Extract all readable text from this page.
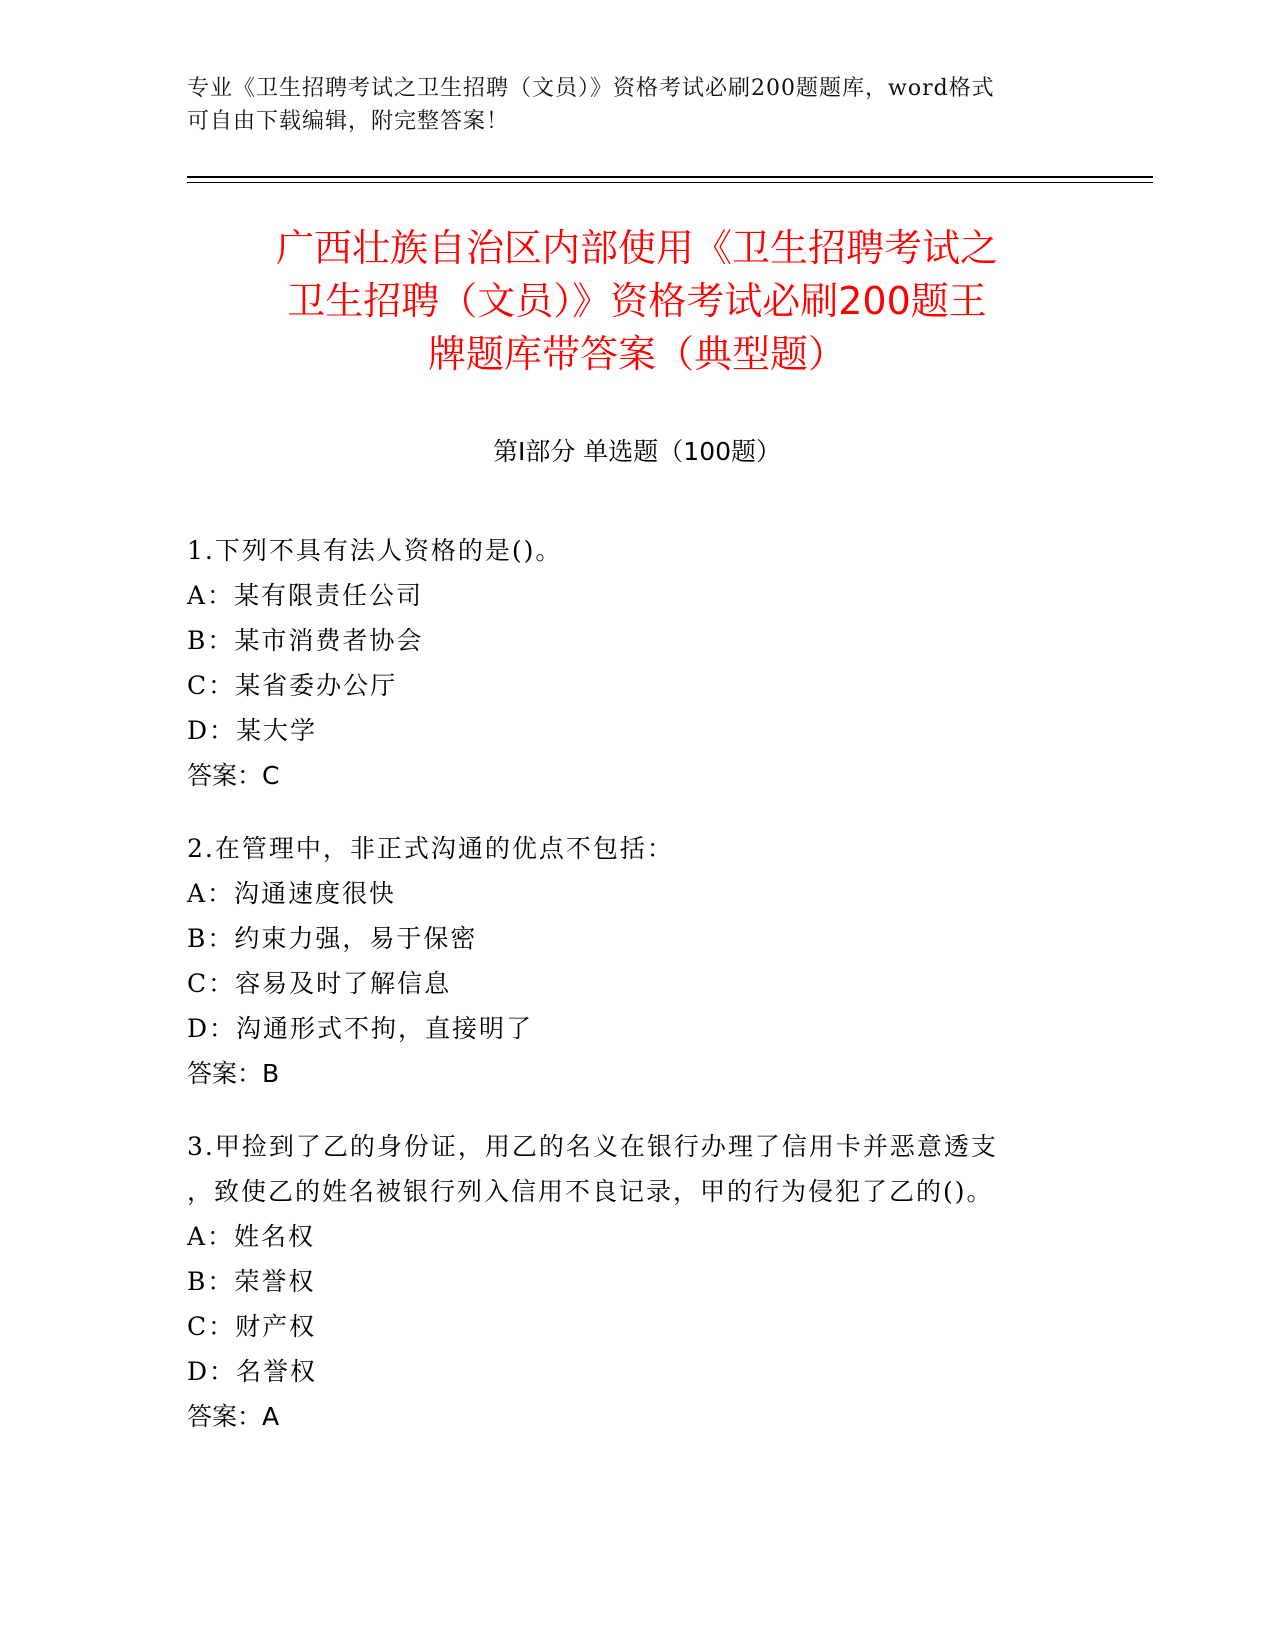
专业《卫生招聘考试之卫生招聘（文员）》资格考试必刷200题题库，word格式
可自由下载编辑，附完整答案！
广西壮族自治区内部使用《卫生招聘考试之
卫生招聘（文员）》资格考试必刷200题王
牌题库带答案（典型题）
第I部分 单选题（100题）
1.下列不具有法人资格的是()。
A：某有限责任公司
B：某市消费者协会
C：某省委办公厅
D：某大学
答案：C
2.在管理中，非正式沟通的优点不包括：
A：沟通速度很快
B：约束力强，易于保密
C：容易及时了解信息
D：沟通形式不拘，直接明了
答案：B
3.甲捡到了乙的身份证，用乙的名义在银行办理了信用卡并恶意透支
，致使乙的姓名被银行列入信用不良记录，甲的行为侵犯了乙的()。
A：姓名权
B：荣誉权
C：财产权
D：名誉权
答案：A
